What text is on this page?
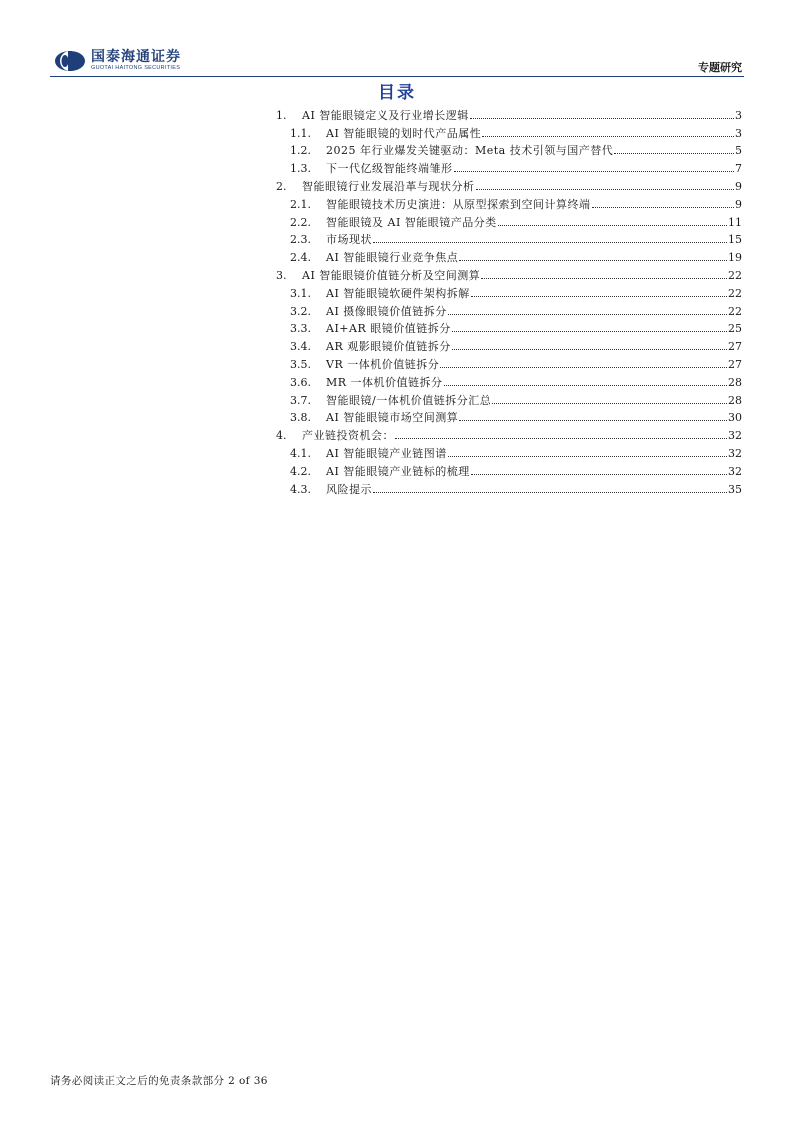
国泰海通证券
GUOTAI HAITONG SECURITIES	专题研究
目录
1.	AI 智能眼镜定义及行业增长逻辑	3
1.1.	AI 智能眼镜的划时代产品属性	3
1.2.	2025 年行业爆发关键驱动：Meta 技术引领与国产替代	5
1.3.	下一代亿级智能终端雏形	7
2.	智能眼镜行业发展沿革与现状分析	9
2.1.	智能眼镜技术历史演进：从原型探索到空间计算终端	9
2.2.	智能眼镜及 AI 智能眼镜产品分类	11
2.3.	市场现状	15
2.4.	AI 智能眼镜行业竞争焦点	19
3.	AI 智能眼镜价值链分析及空间测算	22
3.1.	AI 智能眼镜软硬件架构拆解	22
3.2.	AI 摄像眼镜价值链拆分	22
3.3.	AI+AR 眼镜价值链拆分	25
3.4.	AR 观影眼镜价值链拆分	27
3.5.	VR 一体机价值链拆分	27
3.6.	MR 一体机价值链拆分	28
3.7.	智能眼镜/一体机价值链拆分汇总	28
3.8.	AI 智能眼镜市场空间测算	30
4.	产业链投资机会：	32
4.1.	AI 智能眼镜产业链图谱	32
4.2.	AI 智能眼镜产业链标的梳理	32
4.3.	风险提示	35
请务必阅读正文之后的免责条款部分 2 of 36
